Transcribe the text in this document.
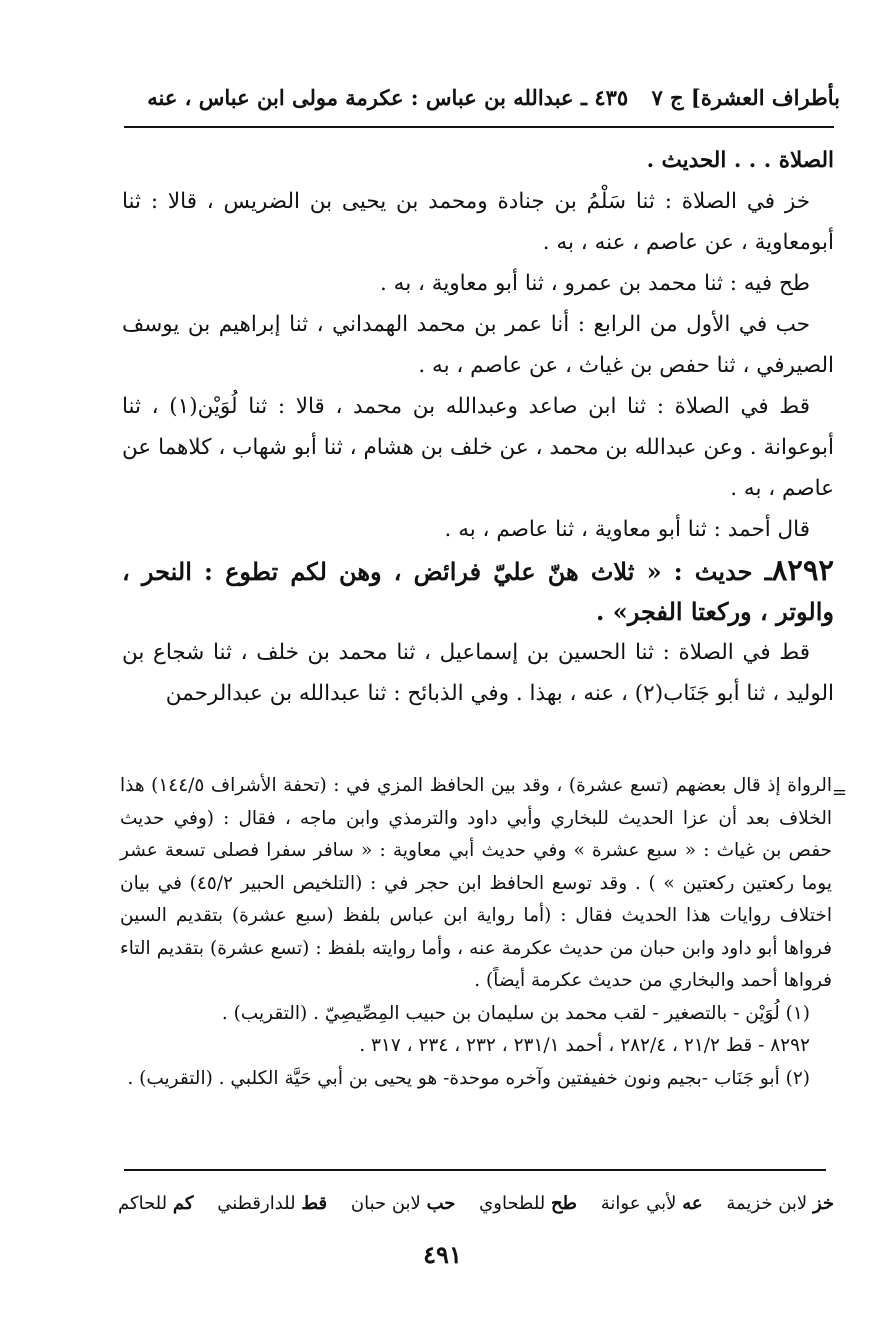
بأطراف العشرة] ج ٧
٤٣٥ ـ عبدالله بن عباس : عكرمة مولى ابن عباس ، عنه

الصلاة . . . الحديث .

خز في الصلاة : ثنا سَلْمُ بن جنادة ومحمد بن يحيى بن الضريس ، قالا : ثنا أبومعاوية ، عن عاصم ، عنه ، به .

طح فيه : ثنا محمد بن عمرو ، ثنا أبو معاوية ، به .

حب في الأول من الرابع : أنا عمر بن محمد الهمداني ، ثنا إبراهيم بن يوسف الصيرفي ، ثنا حفص بن غياث ، عن عاصم ، به .

قط في الصلاة : ثنا ابن صاعد وعبدالله بن محمد ، قالا : ثنا لُوَيْن(١) ، ثنا أبوعوانة . وعن عبدالله بن محمد ، عن خلف بن هشام ، ثنا أبو شهاب ، كلاهما عن عاصم ، به .

قال أحمد : ثنا أبو معاوية ، ثنا عاصم ، به .

٨٢٩٢ـ حديث : « ثلاث هنّ عليّ فرائض ، وهن لكم تطوع : النحر ، والوتر ، وركعتا الفجر» .

قط في الصلاة : ثنا الحسين بن إسماعيل ، ثنا محمد بن خلف ، ثنا شجاع بن الوليد ، ثنا أبو جَنَاب(٢) ، عنه ، بهذا . وفي الذبائح : ثنا عبدالله بن عبدالرحمن

=

الرواة إذ قال بعضهم (تسع عشرة) ، وقد بين الحافظ المزي في : (تحفة الأشراف ١٤٤/٥) هذا الخلاف بعد أن عزا الحديث للبخاري وأبي داود والترمذي وابن ماجه ، فقال : (وفي حديث حفص بن غياث : « سبع عشرة » وفي حديث أبي معاوية : « سافر سفرا فصلى تسعة عشر يوما ركعتين ركعتين » ) . وقد توسع الحافظ ابن حجر في : (التلخيص الحبير ٤٥/٢) في بيان اختلاف روايات هذا الحديث فقال : (أما رواية ابن عباس بلفظ (سبع عشرة) بتقديم السين فرواها أبو داود وابن حبان من حديث عكرمة عنه ، وأما روايته بلفظ : (تسع عشرة) بتقديم التاء فرواها أحمد والبخاري من حديث عكرمة أيضاً) .

(١) لُوَيْن - بالتصغير - لقب محمد بن سليمان بن حبيب المِصِّيصِيّ . (التقريب) .

٨٢٩٢ - قط ٢١/٢ ، ٢٨٢/٤ ، أحمد ٢٣١/١ ، ٢٣٢ ، ٢٣٤ ، ٣١٧ .

(٢) أبو جَنَاب -بجيم ونون خفيفتين وآخره موحدة- هو يحيى بن أبي حَيَّة الكلبي . (التقريب) .

خز لابن خزيمة
عه لأبي عوانة
طح للطحاوي
حب لابن حبان
قط للدارقطني
كم للحاكم
٤٩١
